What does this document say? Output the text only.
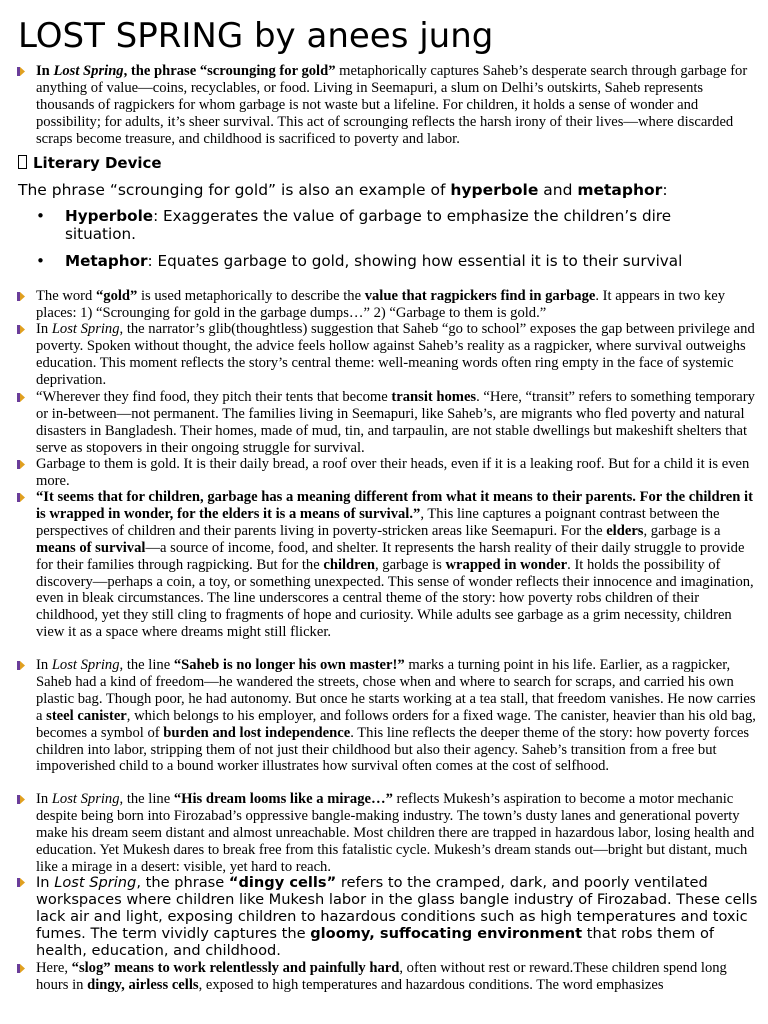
LOST SPRING by anees jung
In Lost Spring, the phrase “scrounging for gold” metaphorically captures Saheb’s desperate search through garbage for anything of value—coins, recyclables, or food. Living in Seemapuri, a slum on Delhi’s outskirts, Saheb represents thousands of ragpickers for whom garbage is not waste but a lifeline. For children, it holds a sense of wonder and possibility; for adults, it’s sheer survival. This act of scrounging reflects the harsh irony of their lives—where discarded scraps become treasure, and childhood is sacrificed to poverty and labor.
Literary Device
The phrase “scrounging for gold” is also an example of hyperbole and metaphor:
• Hyperbole: Exaggerates the value of garbage to emphasize the children’s dire situation.
• Metaphor: Equates garbage to gold, showing how essential it is to their survival
The word “gold” is used metaphorically to describe the value that ragpickers find in garbage. It appears in two key places: 1) “Scrounging for gold in the garbage dumps…” 2) “Garbage to them is gold.”
In Lost Spring, the narrator’s glib(thoughtless) suggestion that Saheb “go to school” exposes the gap between privilege and poverty. Spoken without thought, the advice feels hollow against Saheb’s reality as a ragpicker, where survival outweighs education. This moment reflects the story’s central theme: well-meaning words often ring empty in the face of systemic deprivation.
“Wherever they find food, they pitch their tents that become transit homes. “Here, “transit” refers to something temporary or in-between—not permanent. The families living in Seemapuri, like Saheb’s, are migrants who fled poverty and natural disasters in Bangladesh. Their homes, made of mud, tin, and tarpaulin, are not stable dwellings but makeshift shelters that serve as stopovers in their ongoing struggle for survival.
Garbage to them is gold. It is their daily bread, a roof over their heads, even if it is a leaking roof. But for a child it is even more.
“It seems that for children, garbage has a meaning different from what it means to their parents. For the children it is wrapped in wonder, for the elders it is a means of survival.”, This line captures a poignant contrast between the perspectives of children and their parents living in poverty-stricken areas like Seemapuri. For the elders, garbage is a means of survival—a source of income, food, and shelter. It represents the harsh reality of their daily struggle to provide for their families through ragpicking. But for the children, garbage is wrapped in wonder. It holds the possibility of discovery—perhaps a coin, a toy, or something unexpected. This sense of wonder reflects their innocence and imagination, even in bleak circumstances. The line underscores a central theme of the story: how poverty robs children of their childhood, yet they still cling to fragments of hope and curiosity. While adults see garbage as a grim necessity, children view it as a space where dreams might still flicker.
In Lost Spring, the line “Saheb is no longer his own master!” marks a turning point in his life. Earlier, as a ragpicker, Saheb had a kind of freedom—he wandered the streets, chose when and where to search for scraps, and carried his own plastic bag. Though poor, he had autonomy. But once he starts working at a tea stall, that freedom vanishes. He now carries a steel canister, which belongs to his employer, and follows orders for a fixed wage. The canister, heavier than his old bag, becomes a symbol of burden and lost independence. This line reflects the deeper theme of the story: how poverty forces children into labor, stripping them of not just their childhood but also their agency. Saheb’s transition from a free but impoverished child to a bound worker illustrates how survival often comes at the cost of selfhood.
In Lost Spring, the line “His dream looms like a mirage…” reflects Mukesh’s aspiration to become a motor mechanic despite being born into Firozabad’s oppressive bangle-making industry. The town’s dusty lanes and generational poverty make his dream seem distant and almost unreachable. Most children there are trapped in hazardous labor, losing health and education. Yet Mukesh dares to break free from this fatalistic cycle. Mukesh’s dream stands out—bright but distant, much like a mirage in a desert: visible, yet hard to reach.
In Lost Spring, the phrase “dingy cells” refers to the cramped, dark, and poorly ventilated workspaces where children like Mukesh labor in the glass bangle industry of Firozabad. These cells lack air and light, exposing children to hazardous conditions such as high temperatures and toxic fumes. The term vividly captures the gloomy, suffocating environment that robs them of health, education, and childhood.
Here, “slog” means to work relentlessly and painfully hard, often without rest or reward.These children spend long hours in dingy, airless cells, exposed to high temperatures and hazardous conditions. The word emphasizes
